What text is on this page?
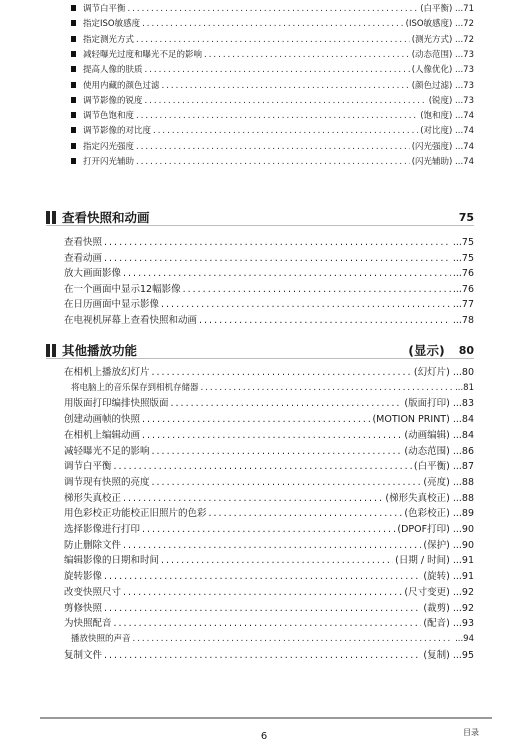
调节白平衡 .....	(白平衡) ...71
指定ISO敏感度 .....	(ISO敏感度) ...72
指定测光方式 .....	(测光方式) ...72
减轻曝光过度和曝光不足的影响 .....	(动态范围) ...73
提高人像的肤质 .....	(人像优化) ...73
使用内藏的颜色过滤 .....	(颜色过滤) ...73
调节影像的锐度 .....	(锐度) ...73
调节色饱和度 .....	(饱和度) ...74
调节影像的对比度 .....	(对比度) ...74
指定闪光强度 .....	(闪光强度) ...74
打开闪光辅助 .....	(闪光辅助) ...74
查看快照和动画	75
查看快照 .....	...75
查看动画 .....	...75
放大画面影像 .....	...76
在一个画面中显示12幅影像 .....	...76
在日历画面中显示影像 .....	...77
在电视机屏幕上查看快照和动画 .....	...78
其他播放功能	(显示) 80
在相机上播放幻灯片 .....	(幻灯片) ...80
将电脑上的音乐保存到相机存储器 .....	...81
用版面打印编排快照版面 .....	(版面打印) ...83
创建动画帧的快照 .....	(MOTION PRINT) ...84
在相机上编辑动画 .....	(动画编辑) ...84
减轻曝光不足的影响 .....	(动态范围) ...86
调节白平衡 .....	(白平衡) ...87
调节现有快照的亮度 .....	(亮度) ...88
梯形失真校正 .....	(梯形失真校正) ...88
用色彩校正功能校正旧照片的色彩 .....	(色彩校正) ...89
选择影像进行打印 .....	(DPOF打印) ...90
防止删除文件 .....	(保护) ...90
编辑影像的日期和时间 .....	(日期 / 时间) ...91
旋转影像 .....	(旋转) ...91
改变快照尺寸 .....	(尺寸变更) ...92
剪修快照 .....	(裁剪) ...92
为快照配音 .....	(配音) ...93
播放快照的声音 .....	...94
复制文件 .....	(复制) ...95
6	目录
